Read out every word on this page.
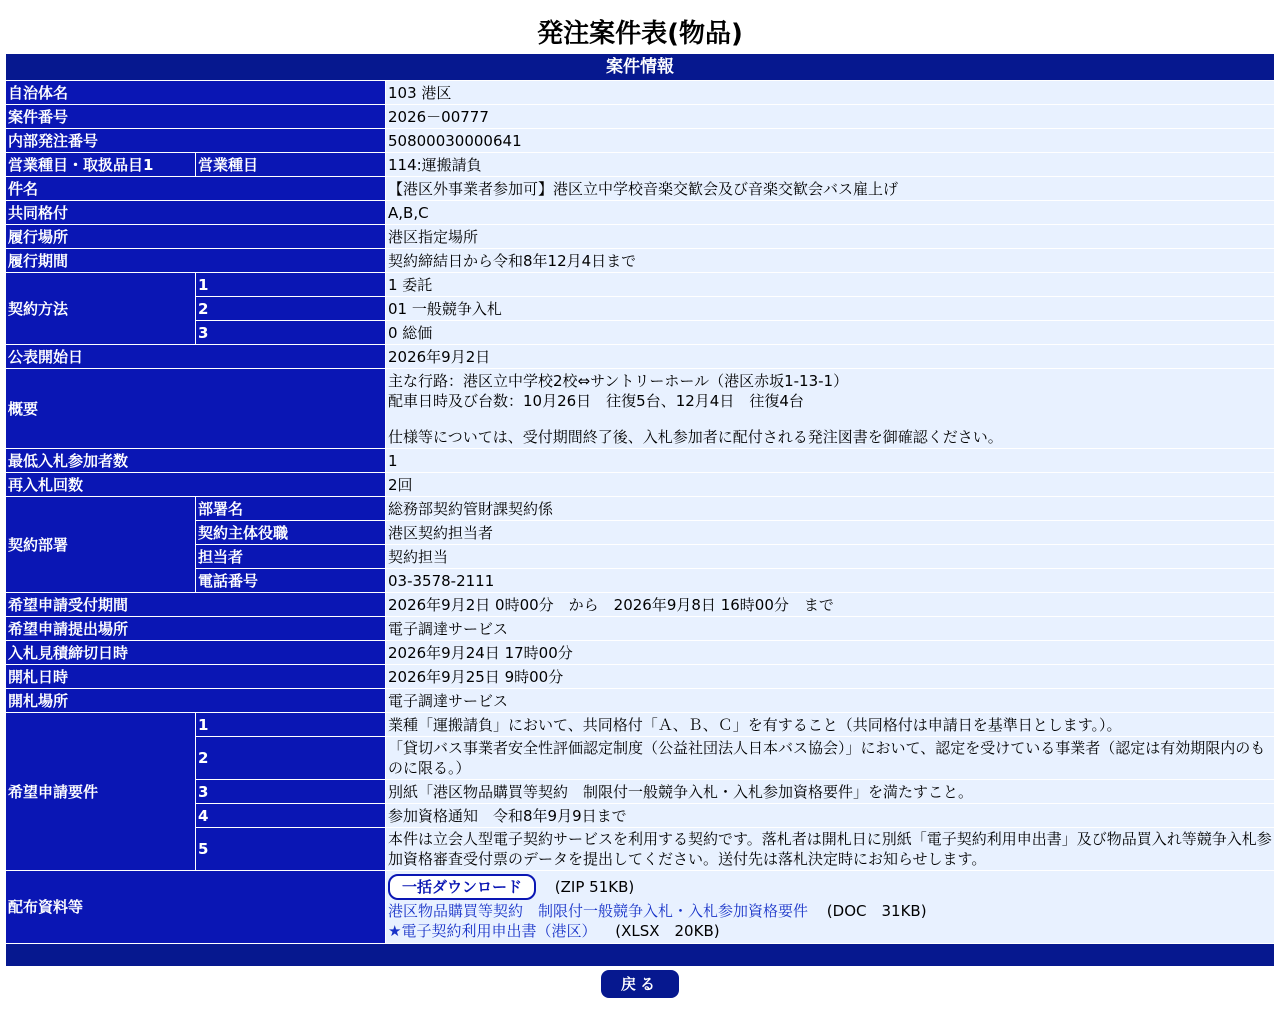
発注案件表(物品)
案件情報		
自治体名		103 港区
案件番号		2026－00777
内部発注番号		50800030000641
営業種目・取扱品目1	営業種目	114:運搬請負
件名		【港区外事業者参加可】港区立中学校音楽交歓会及び音楽交歓会バス雇上げ
共同格付		A,B,C
履行場所		港区指定場所
履行期間		契約締結日から令和8年12月4日まで
契約方法	1	1 委託
	2	01 一般競争入札
	3	0 総価
公表開始日		2026年9月2日
概要		主な行路：港区立中学校2校⇔サントリーホール（港区赤坂1-13-1）
配車日時及び台数：10月26日　往復5台、12月4日　往復4台
仕様等については、受付期間終了後、入札参加者に配付される発注図書を御確認ください。

最低入札参加者数		1
再入札回数		2回
契約部署	部署名	総務部契約管財課契約係
	契約主体役職	港区契約担当者
	担当者	契約担当
	電話番号	03-3578-2111
希望申請受付期間		2026年9月2日 0時00分　から　2026年9月8日 16時00分　まで
希望申請提出場所		電子調達サービス
入札見積締切日時		2026年9月24日 17時00分
開札日時		2026年9月25日 9時00分
開札場所		電子調達サービス
希望申請要件	1	業種「運搬請負」において、共同格付「Ａ、Ｂ、Ｃ」を有すること（共同格付は申請日を基準日とします。）。
	2	「貸切バス事業者安全性評価認定制度（公益社団法人日本バス協会）」において、認定を受けている事業者（認定は有効期限内のものに限る。）
	3	別紙「港区物品購買等契約　制限付一般競争入札・入札参加資格要件」を満たすこと。
	4	参加資格通知　令和8年9月9日まで
	5	本件は立会人型電子契約サービスを利用する契約です。落札者は開札日に別紙「電子契約利用申出書」及び物品買入れ等競争入札参加資格審査受付票のデータを提出してください。送付先は落札決定時にお知らせします。
配布資料等		一括ダウンロード (ZIP 51KB)
港区物品購買等契約　制限付一般競争入札・入札参加資格要件 (DOC　31KB)
★電子契約利用申出書（港区） (XLSX　20KB)

戻る
